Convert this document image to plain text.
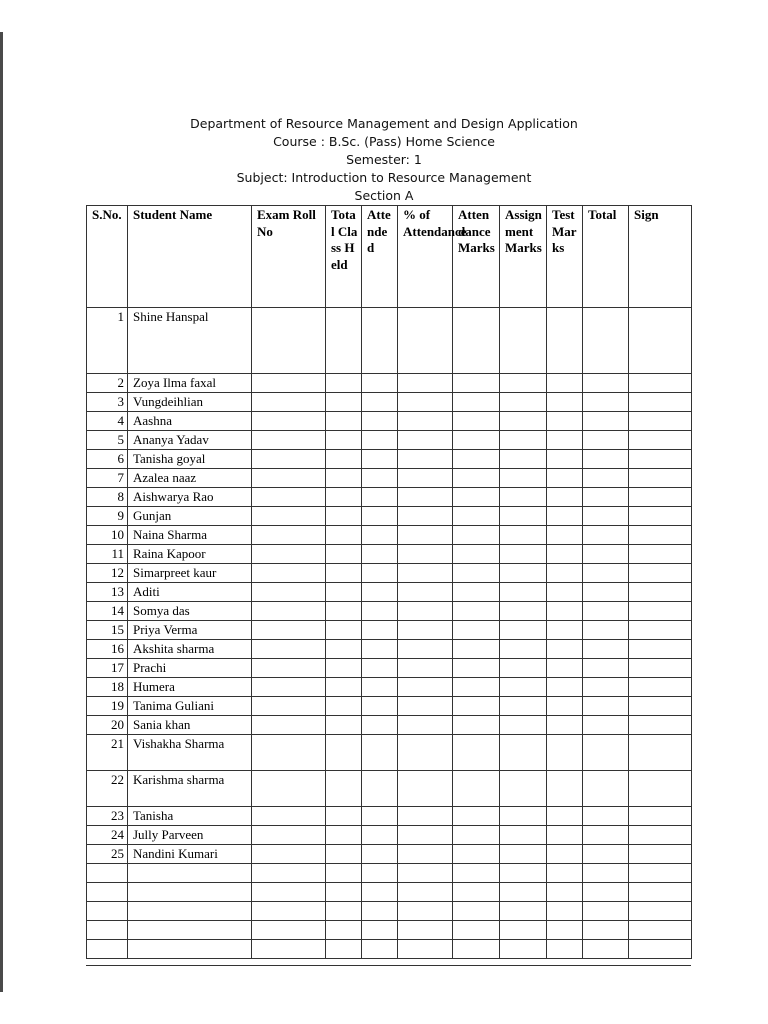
Department of Resource Management and Design Application
Course : B.Sc. (Pass) Home Science
Semester: 1
Subject: Introduction to Resource Management
Section A
S.No.	Student Name	Exam Roll No	Total Class Held	Attended	% of Attendance	Attendance Marks	Assignment Marks	Test Marks	Total	Sign
1	Shine Hanspal									
2	Zoya Ilma faxal									
3	Vungdeihlian									
4	Aashna									
5	Ananya Yadav									
6	Tanisha goyal									
7	Azalea naaz									
8	Aishwarya Rao									
9	Gunjan									
10	Naina Sharma									
11	Raina Kapoor									
12	Simarpreet kaur									
13	Aditi									
14	Somya das									
15	Priya Verma									
16	Akshita sharma									
17	Prachi									
18	Humera									
19	Tanima Guliani									
20	Sania khan									
21	Vishakha Sharma									
22	Karishma sharma									
23	Tanisha									
24	Jully Parveen									
25	Nandini Kumari									
